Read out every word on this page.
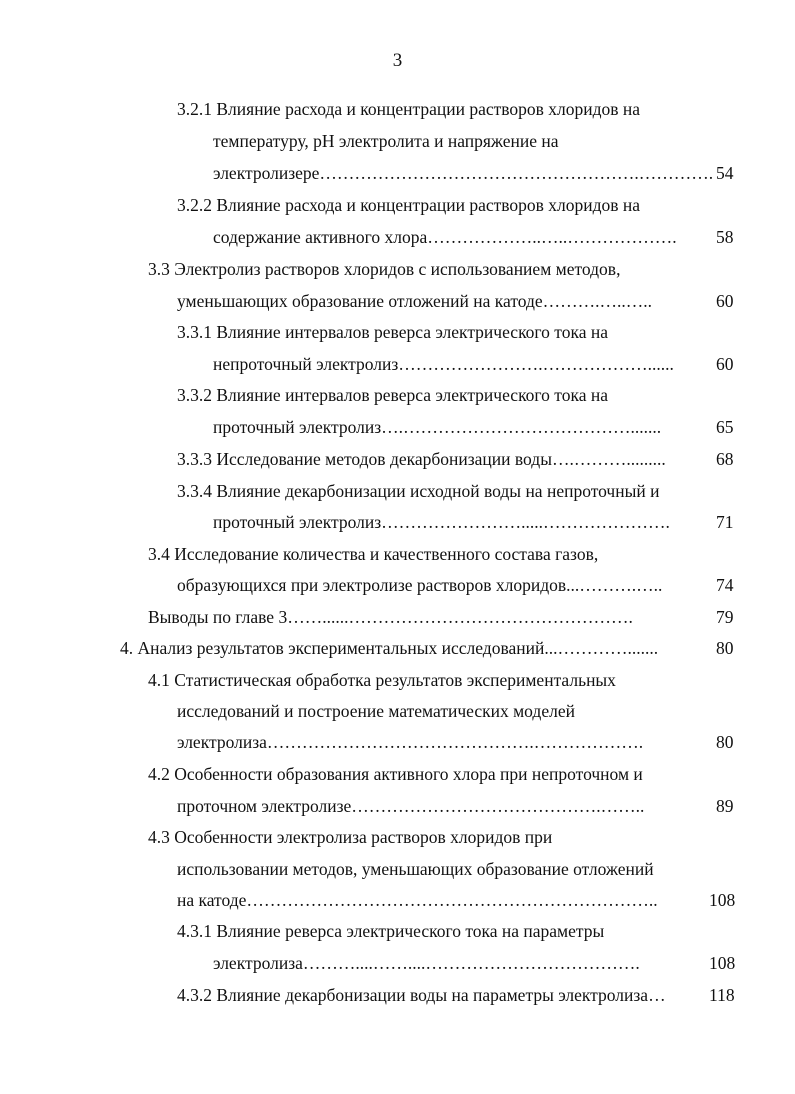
3
3.2.1 Влияние расхода и концентрации растворов хлоридов на
температуру, рН электролита и напряжение на
электролизере……………………………………………….…………. 54
3.2.2 Влияние расхода и концентрации растворов хлоридов на
содержание активного хлора………………..…..………………. 58
3.3 Электролиз растворов хлоридов с использованием методов,
уменьшающих образование отложений на катоде……….…..…..	60
3.3.1 Влияние интервалов реверса электрического тока на
непроточный электролиз…………………….………………...... 60
3.3.2 Влияние интервалов реверса электрического тока на
проточный электролиз….………………………………….......	65
3.3.3 Исследование методов декарбонизации воды….……….........	68
3.3.4 Влияние декарбонизации исходной воды на непроточный и
проточный электролиз…………………….....………………….	71
3.4 Исследование количества и качественного состава газов,
образующихся при электролизе растворов хлоридов...……….…..	74
Выводы по главе 3……......………………………………………….	79
4. Анализ результатов экспериментальных исследований...………….......	80
4.1 Статистическая обработка результатов экспериментальных
исследований и построение математических моделей
электролиза……………………………………….……………….	80
4.2 Особенности образования активного хлора при непроточном и
проточном электролизе…………………………………….……..	89
4.3 Особенности электролиза растворов хлоридов при
использовании методов, уменьшающих образование отложений
на катоде……………………………………………………………..	108
4.3.1 Влияние реверса электрического тока на параметры
электролиза………....……....……………………………….	108
4.3.2 Влияние декарбонизации воды на параметры электролиза… 118
